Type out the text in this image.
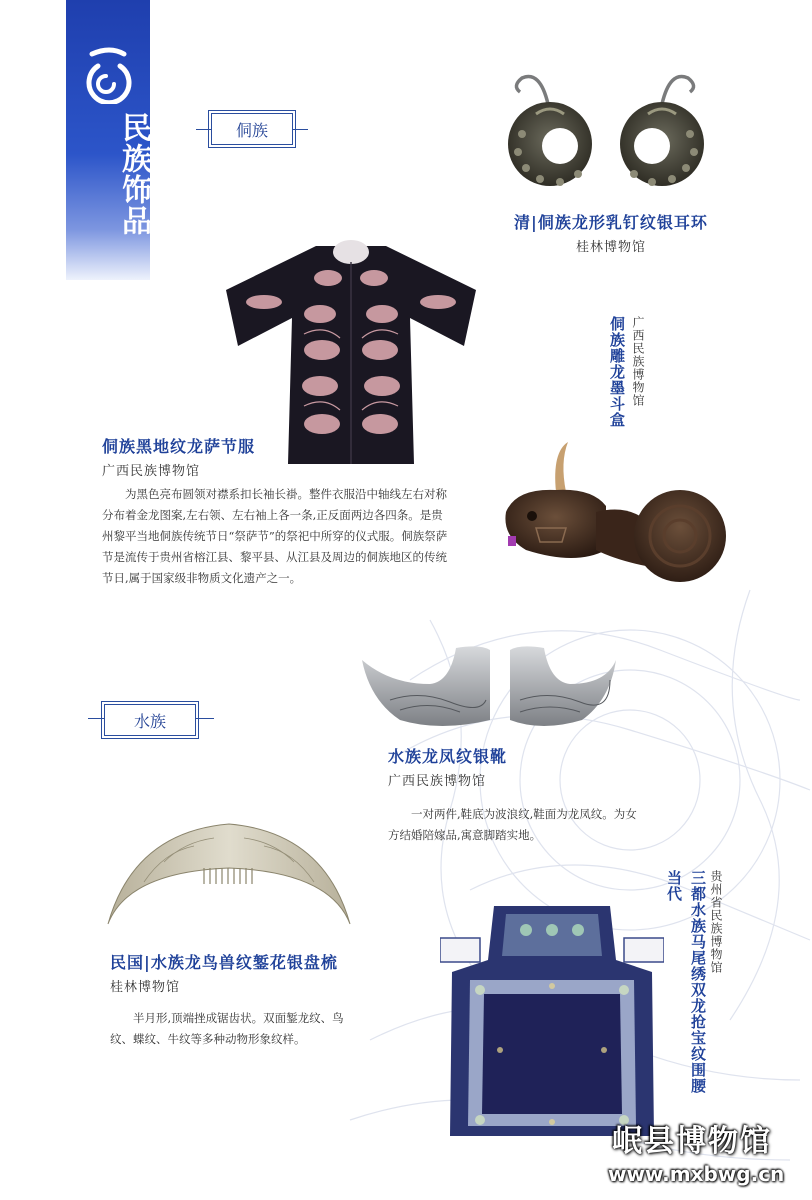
民族饰品	侗族
清|侗族龙形乳钉纹银耳环
桂林博物馆
侗族黑地纹龙萨节服
广西民族博物馆
为黑色亮布圆领对襟系扣长袖长褂。整件衣服沿中轴线左右对称分布着金龙图案,左右领、左右袖上各一条,正反面两边各四条。是贵州黎平当地侗族传统节日“祭萨节”的祭祀中所穿的仪式服。侗族祭萨节是流传于贵州省榕江县、黎平县、从江县及周边的侗族地区的传统节日,属于国家级非物质文化遗产之一。
广西民族博物馆
侗族雕龙墨斗盒
水族
水族龙凤纹银靴
广西民族博物馆
一对两件,鞋底为波浪纹,鞋面为龙凤纹。为女方结婚陪嫁品,寓意脚踏实地。
民国|水族龙鸟兽纹錾花银盘梳
桂林博物馆
半月形,顶端挫成锯齿状。双面錾龙纹、鸟纹、蝶纹、牛纹等多种动物形象纹样。
贵州省民族博物馆
三都水族马尾绣双龙抢宝纹围腰
当代
岷县博物馆
www.mxbwg.cn
